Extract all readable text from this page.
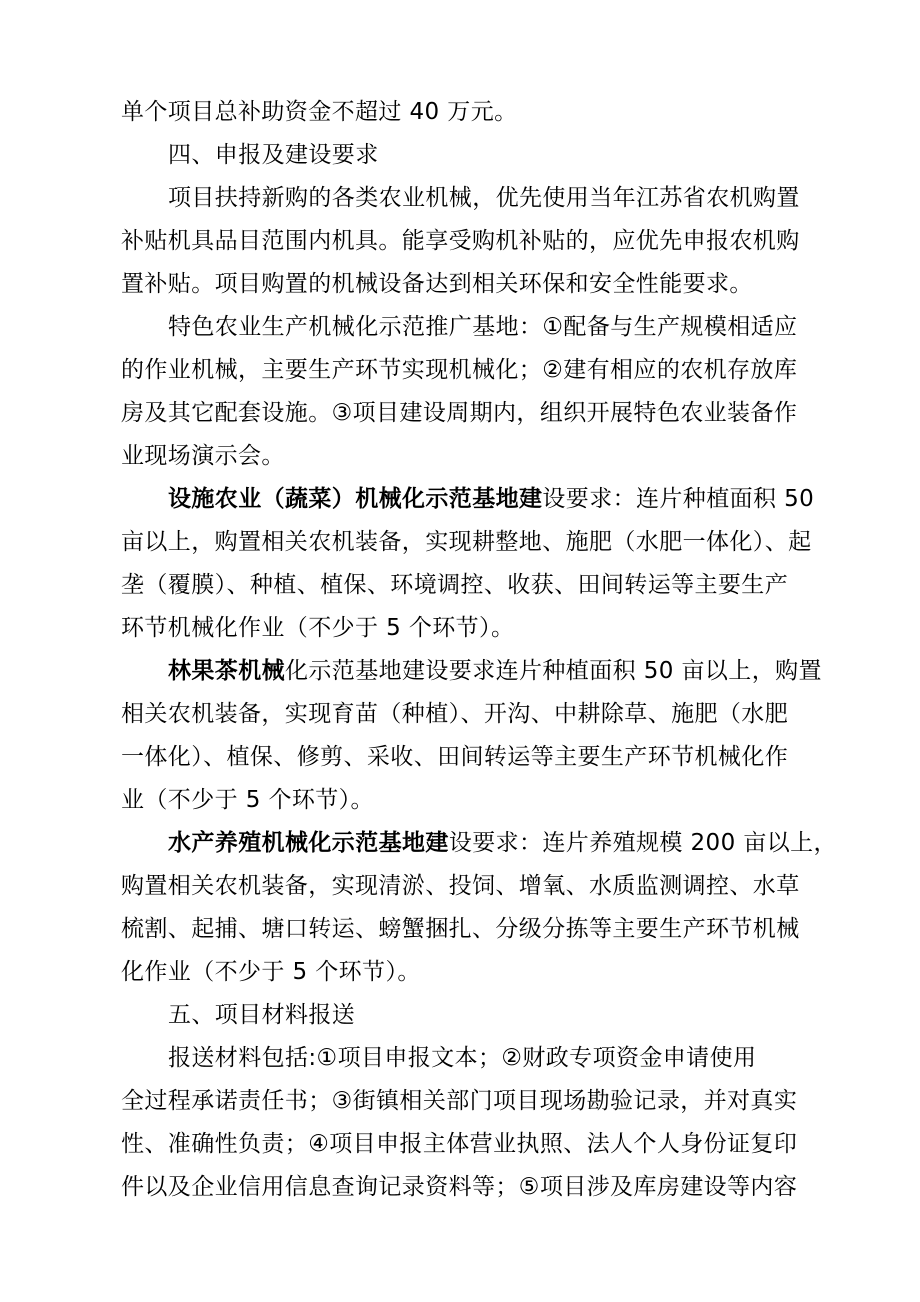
单个项目总补助资金不超过 40 万元。
四、申报及建设要求
项目扶持新购的各类农业机械，优先使用当年江苏省农机购置
补贴机具品目范围内机具。能享受购机补贴的，应优先申报农机购
置补贴。项目购置的机械设备达到相关环保和安全性能要求。
特色农业生产机械化示范推广基地：①配备与生产规模相适应
的作业机械，主要生产环节实现机械化；②建有相应的农机存放库
房及其它配套设施。③项目建设周期内，组织开展特色农业装备作
业现场演示会。
设施农业（蔬菜）机械化示范基地建设要求：连片种植面积 50
亩以上，购置相关农机装备，实现耕整地、施肥（水肥一体化）、起
垄（覆膜）、种植、植保、环境调控、收获、田间转运等主要生产
环节机械化作业（不少于 5 个环节）。
林果茶机械化示范基地建设要求连片种植面积 50 亩以上，购置
相关农机装备，实现育苗（种植）、开沟、中耕除草、施肥（水肥
一体化）、植保、修剪、采收、田间转运等主要生产环节机械化作
业（不少于 5 个环节）。
水产养殖机械化示范基地建设要求：连片养殖规模 200 亩以上，
购置相关农机装备，实现清淤、投饲、增氧、水质监测调控、水草
梳割、起捕、塘口转运、螃蟹捆扎、分级分拣等主要生产环节机械
化作业（不少于 5 个环节）。
五、项目材料报送
报送材料包括:①项目申报文本；②财政专项资金申请使用
全过程承诺责任书；③街镇相关部门项目现场勘验记录，并对真实
性、准确性负责；④项目申报主体营业执照、法人个人身份证复印
件以及企业信用信息查询记录资料等；⑤项目涉及库房建设等内容
